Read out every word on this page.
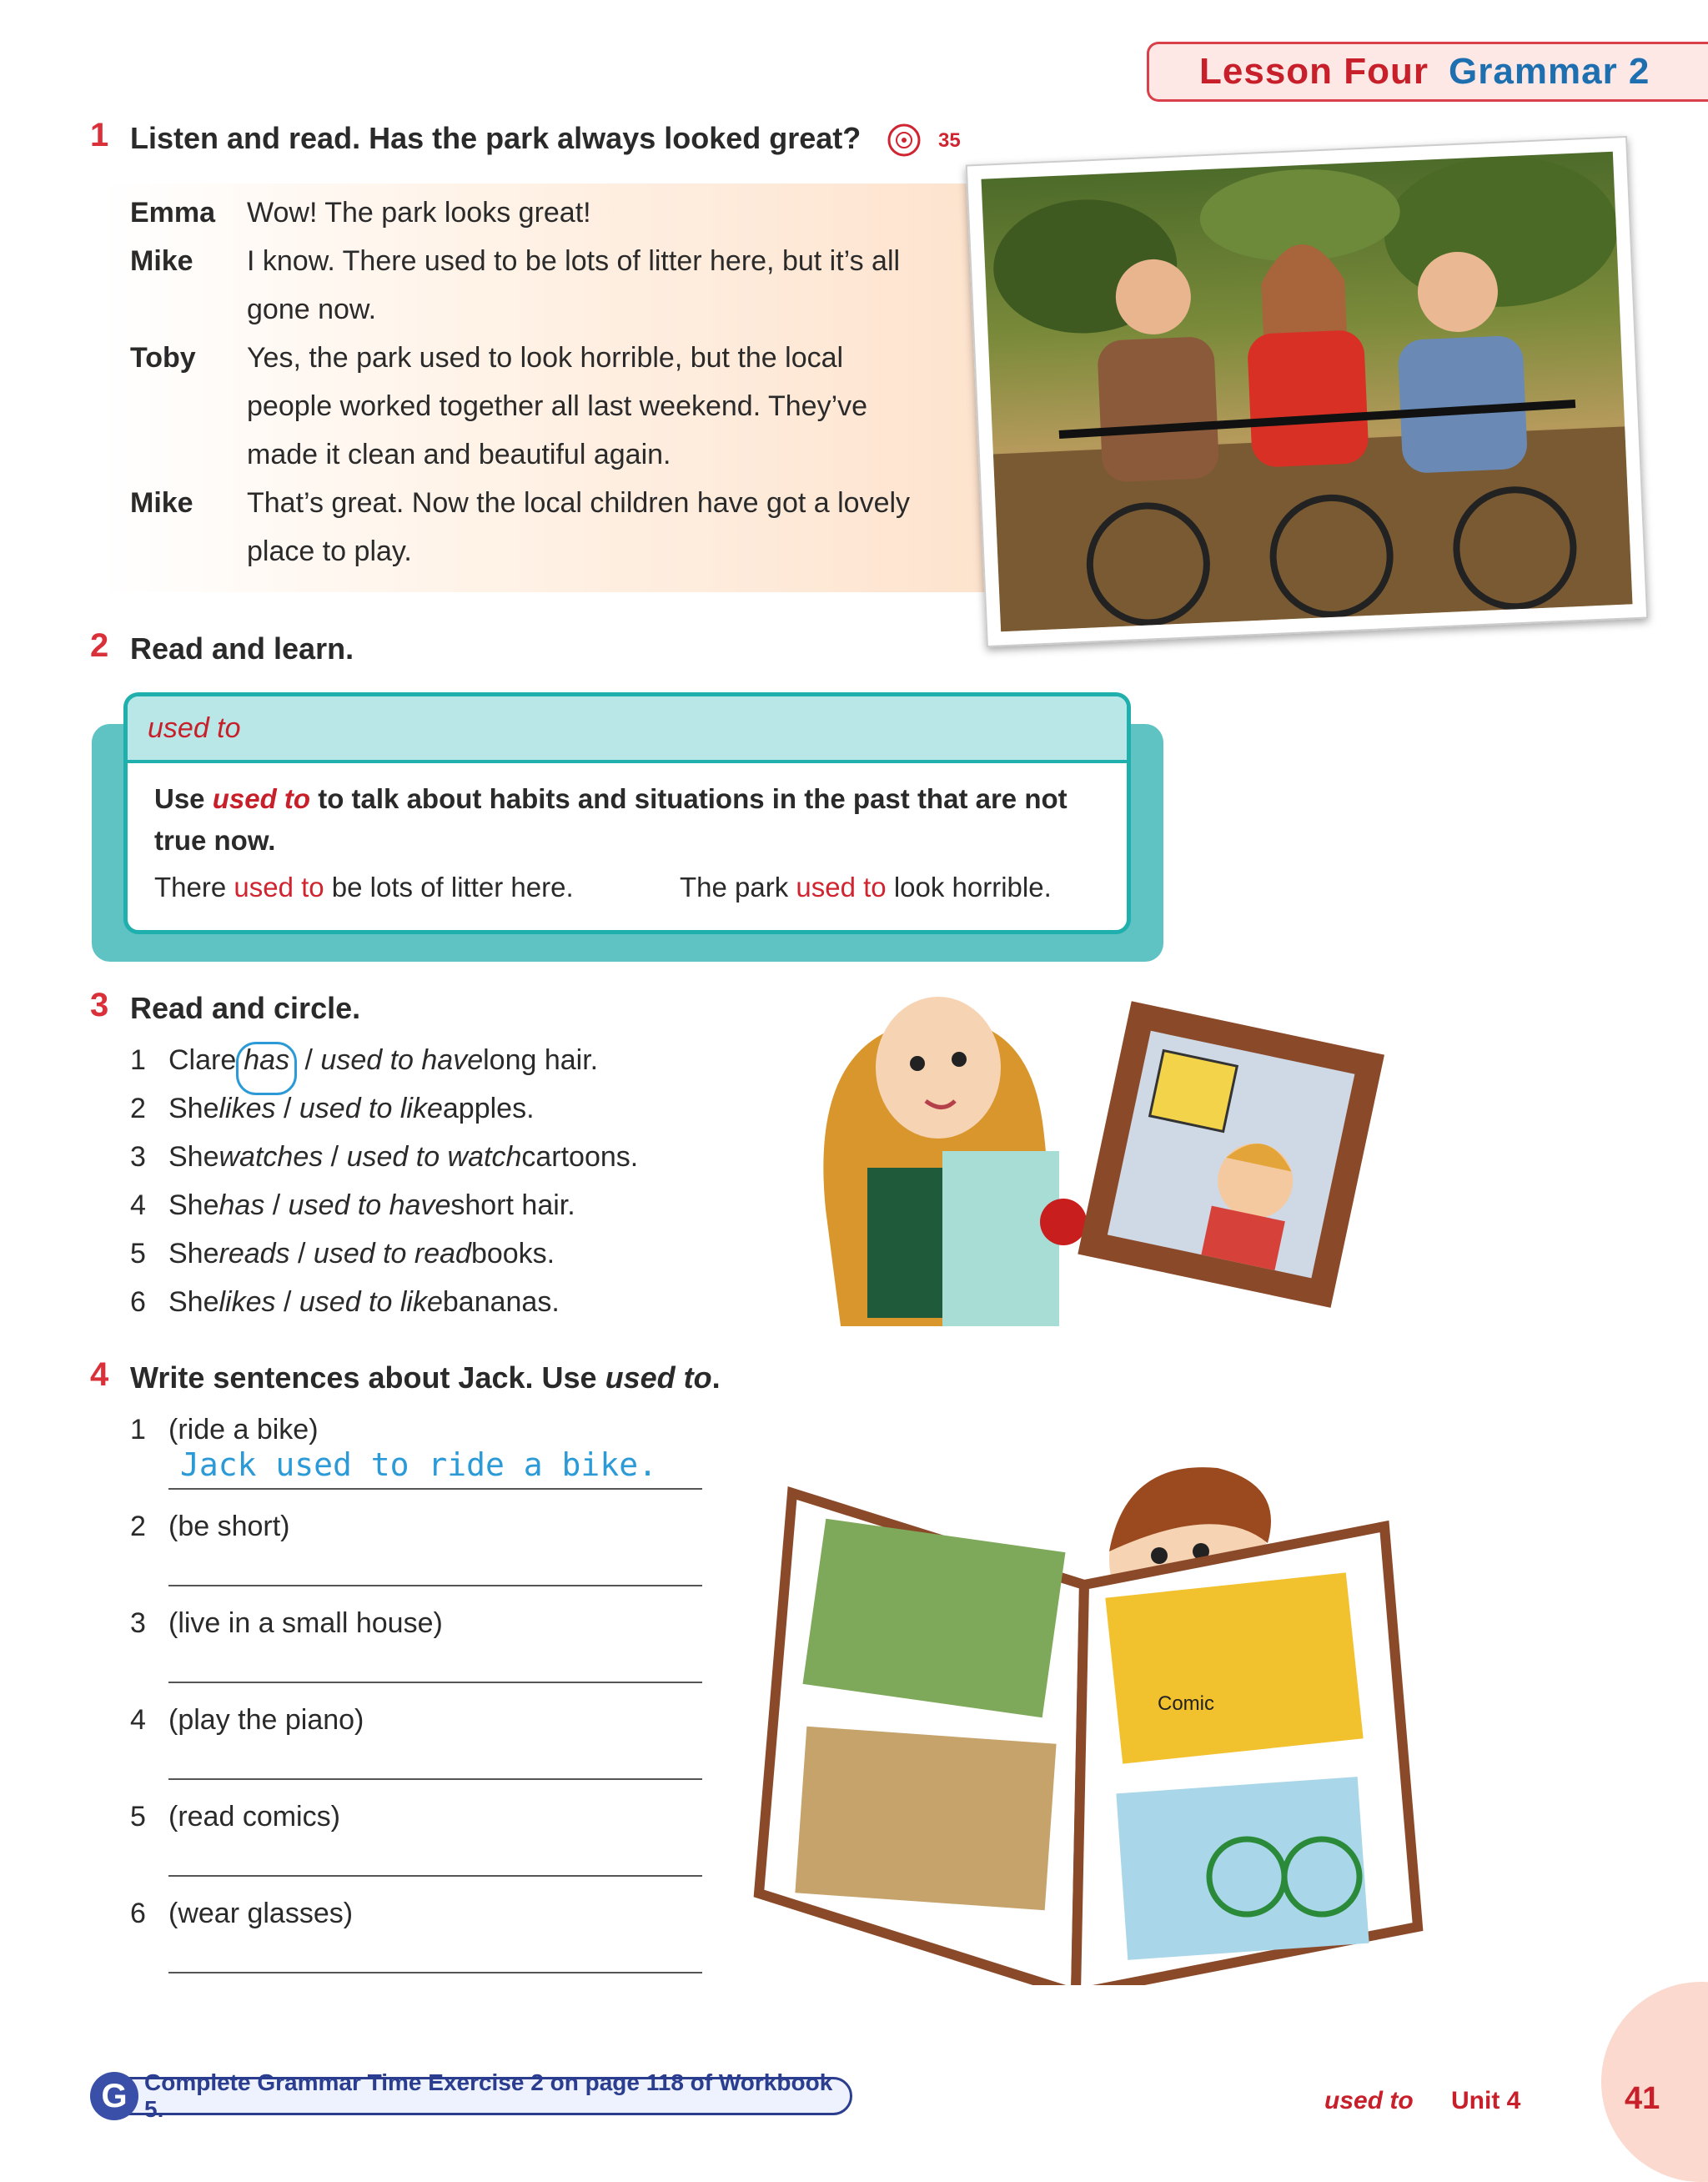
Lesson Four Grammar 2
1 Listen and read. Has the park always looked great?	35
Emma	Wow! The park looks great!
Mike	I know. There used to be lots of litter here, but it’s all
gone now.
Toby	Yes, the park used to look horrible, but the local
people worked together all last weekend. They’ve
made it clean and beautiful again.
Mike	That’s great. Now the local children have got a lovely
place to play.
2 Read and learn.
used to
Use used to to talk about habits and situations in the past that are not true now.
There used to be lots of litter here.	The park used to look horrible.
3 Read and circle.
1 Clare has / used to have long hair.
2 She likes / used to like apples.
3 She watches / used to watch cartoons.
4 She has / used to have short hair.
5 She reads / used to read books.
6 She likes / used to like bananas.
4 Write sentences about Jack. Use used to.
1 (ride a bike)
Jack used to ride a bike.
2 (be short)
3 (live in a small house)
4 (play the piano)
5 (read comics)
6 (wear glasses)
Comic
Complete Grammar Time Exercise 2 on page 118 of Workbook 5.
G	used to Unit 4	41
